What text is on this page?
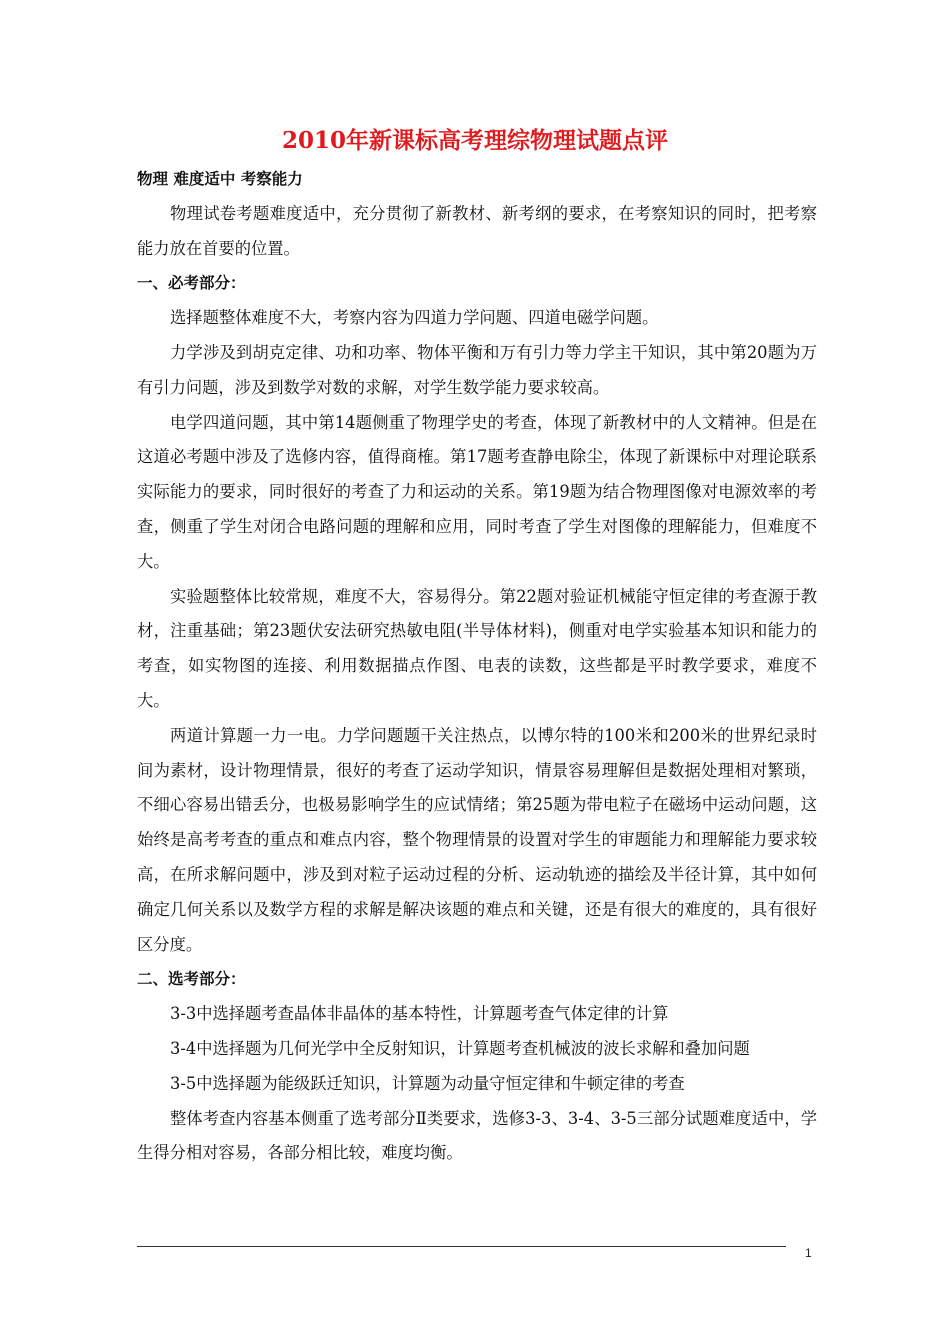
2010年新课标高考理综物理试题点评

物理 难度适中 考察能力

物理试卷考题难度适中，充分贯彻了新教材、新考纲的要求，在考察知识的同时，把考察能力放在首要的位置。

一、必考部分：

选择题整体难度不大，考察内容为四道力学问题、四道电磁学问题。

力学涉及到胡克定律、功和功率、物体平衡和万有引力等力学主干知识，其中第20题为万有引力问题，涉及到数学对数的求解，对学生数学能力要求较高。

电学四道问题，其中第14题侧重了物理学史的考查，体现了新教材中的人文精神。但是在这道必考题中涉及了选修内容，值得商榷。第17题考查静电除尘，体现了新课标中对理论联系实际能力的要求，同时很好的考查了力和运动的关系。第19题为结合物理图像对电源效率的考查，侧重了学生对闭合电路问题的理解和应用，同时考查了学生对图像的理解能力，但难度不大。

实验题整体比较常规，难度不大，容易得分。第22题对验证机械能守恒定律的考查源于教材，注重基础；第23题伏安法研究热敏电阻(半导体材料)，侧重对电学实验基本知识和能力的考查，如实物图的连接、利用数据描点作图、电表的读数，这些都是平时教学要求，难度不大。

两道计算题一力一电。力学问题题干关注热点，以博尔特的100米和200米的世界纪录时间为素材，设计物理情景，很好的考查了运动学知识，情景容易理解但是数据处理相对繁琐，不细心容易出错丢分，也极易影响学生的应试情绪；第25题为带电粒子在磁场中运动问题，这始终是高考考查的重点和难点内容，整个物理情景的设置对学生的审题能力和理解能力要求较高，在所求解问题中，涉及到对粒子运动过程的分析、运动轨迹的描绘及半径计算，其中如何确定几何关系以及数学方程的求解是解决该题的难点和关键，还是有很大的难度的，具有很好区分度。

二、选考部分：

3-3中选择题考查晶体非晶体的基本特性，计算题考查气体定律的计算

3-4中选择题为几何光学中全反射知识，计算题考查机械波的波长求解和叠加问题

3-5中选择题为能级跃迁知识，计算题为动量守恒定律和牛顿定律的考查

整体考查内容基本侧重了选考部分Ⅱ类要求，选修3-3、3-4、3-5三部分试题难度适中，学生得分相对容易，各部分相比较，难度均衡。

1
